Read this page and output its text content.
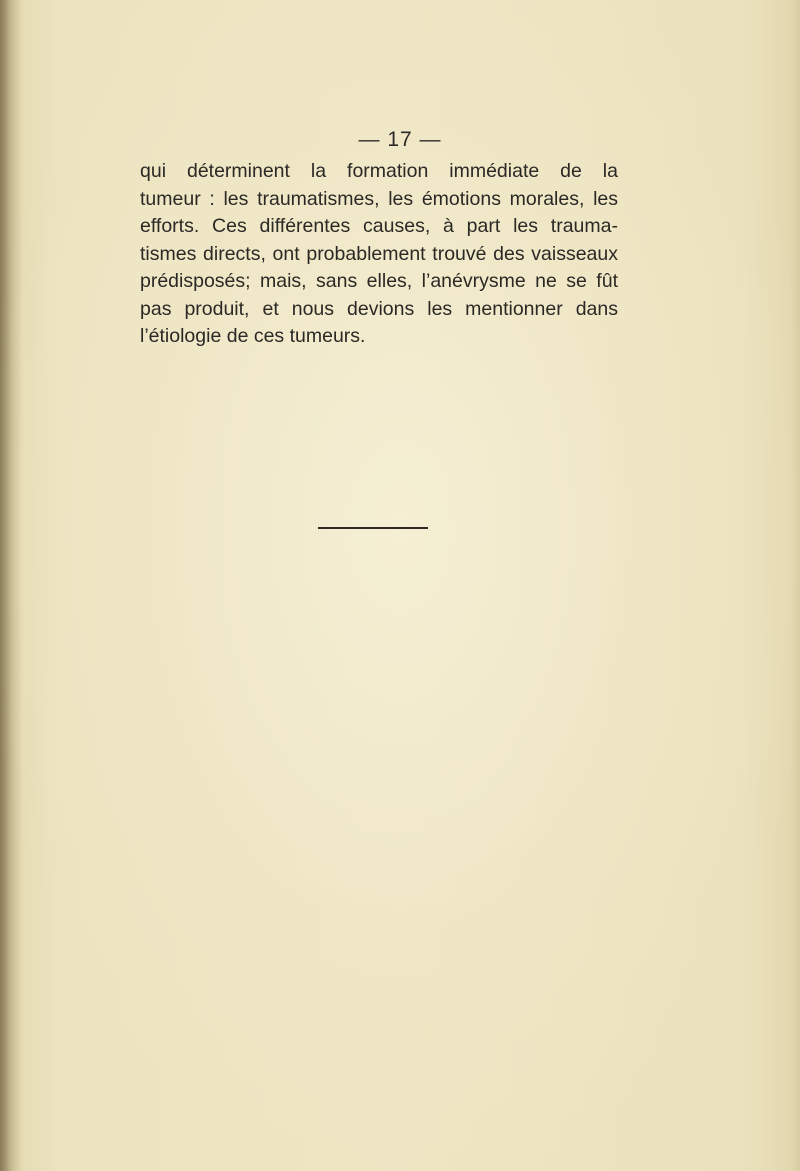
— 17 —
qui déterminent la formation immédiate de la
tumeur : les traumatismes, les émotions morales, les
efforts. Ces différentes causes, à part les trauma-
tismes directs, ont probablement trouvé des vaisseaux
prédisposés; mais, sans elles, l’anévrysme ne se fût
pas produit, et nous devions les mentionner dans
l’étiologie de ces tumeurs.
